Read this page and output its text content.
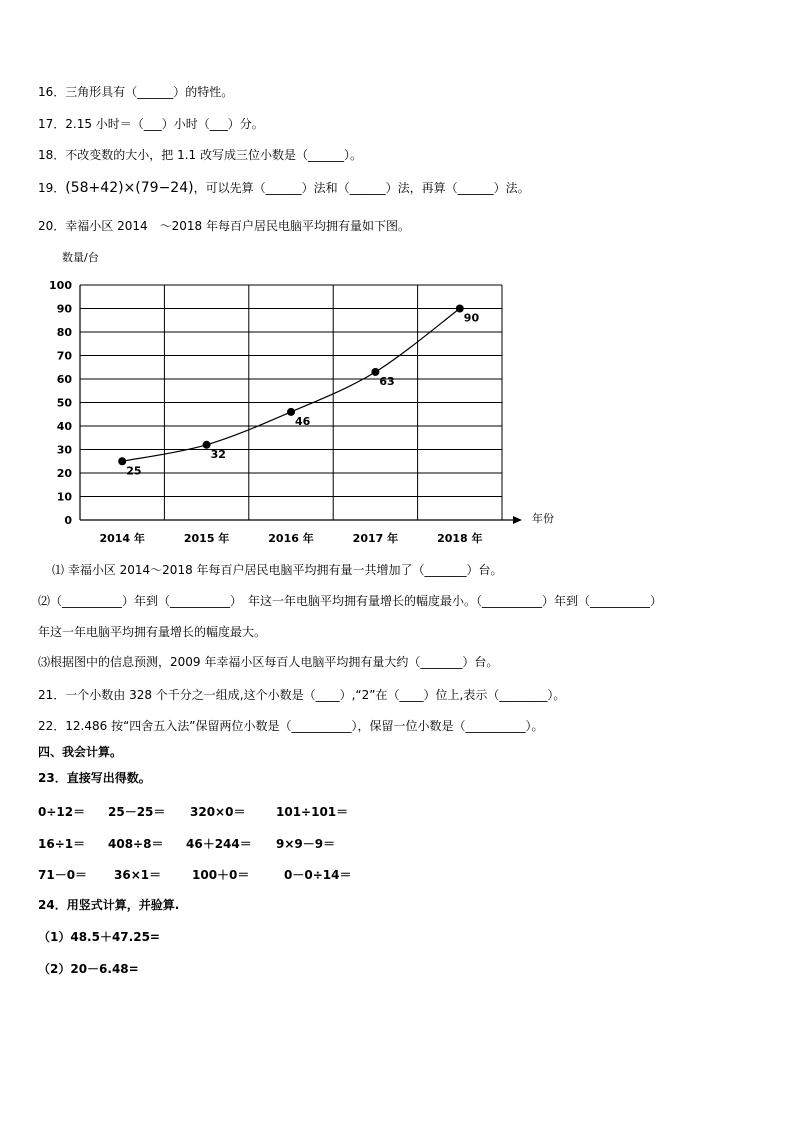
16．三角形具有（______）的特性。
17．2.15 小时＝（___）小时（___）分。
18．不改变数的大小，把 1.1 改写成三位小数是（______）。
19．(58+42)×(79−24)，可以先算（______）法和（______）法，再算（______）法。
20．幸福小区 2014　～2018 年每百户居民电脑平均拥有量如下图。
0
10
20
30
40
50
60
70
80
90
100
数量/台
年份
2014 年	2015 年	2016 年	2017 年	2018 年
25
32
46
63
90
⑴ 幸福小区 2014～2018 年每百户居民电脑平均拥有量一共增加了（_______）台。
⑵（__________）年到（__________）　年这一年电脑平均拥有量增长的幅度最小。（__________）年到（__________）
年这一年电脑平均拥有量增长的幅度最大。
⑶根据图中的信息预测，2009 年幸福小区每百人电脑平均拥有量大约（_______）台。
21．一个小数由 328 个千分之一组成,这个小数是（____）,“2”在（____）位上,表示（________）。
22．12.486 按“四舍五入法”保留两位小数是（__________），保留一位小数是（__________）。
四、我会计算。
23．直接写出得数。
0÷12＝ 25－25＝ 320×0＝	101÷101＝
16÷1＝ 408÷8＝ 46＋244＝ 9×9－9＝
71－0＝ 36×1＝	100＋0＝	0－0÷14＝
24．用竖式计算，并验算.
（1）48.5＋47.25=
（2）20－6.48=
